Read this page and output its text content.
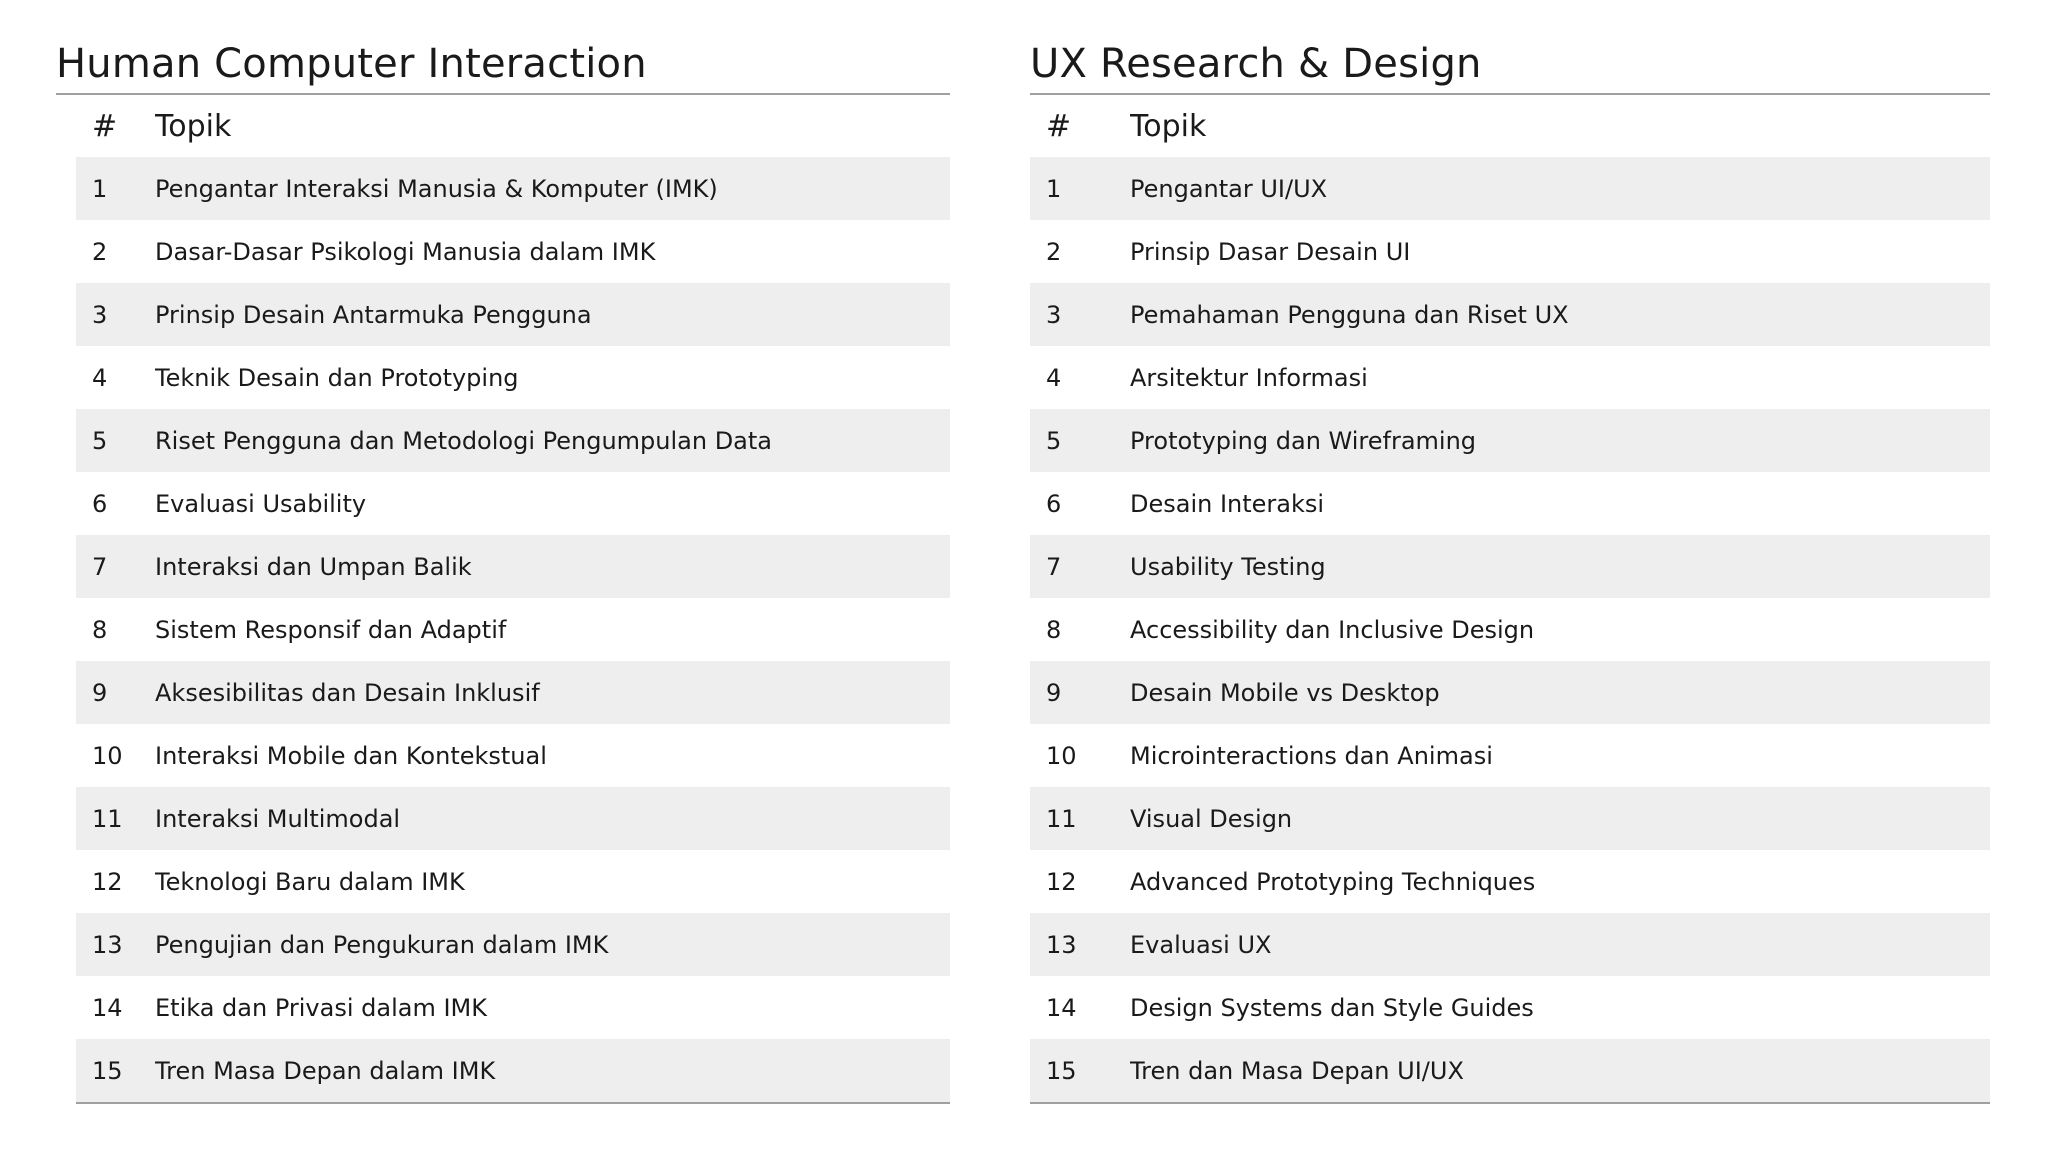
Human Computer Interaction
#	Topik
1	Pengantar Interaksi Manusia & Komputer (IMK)
2	Dasar-Dasar Psikologi Manusia dalam IMK
3	Prinsip Desain Antarmuka Pengguna
4	Teknik Desain dan Prototyping
5	Riset Pengguna dan Metodologi Pengumpulan Data
6	Evaluasi Usability
7	Interaksi dan Umpan Balik
8	Sistem Responsif dan Adaptif
9	Aksesibilitas dan Desain Inklusif
10	Interaksi Mobile dan Kontekstual
11	Interaksi Multimodal
12	Teknologi Baru dalam IMK
13	Pengujian dan Pengukuran dalam IMK
14	Etika dan Privasi dalam IMK
15	Tren Masa Depan dalam IMK
UX Research & Design
#	Topik
1	Pengantar UI/UX
2	Prinsip Dasar Desain UI
3	Pemahaman Pengguna dan Riset UX
4	Arsitektur Informasi
5	Prototyping dan Wireframing
6	Desain Interaksi
7	Usability Testing
8	Accessibility dan Inclusive Design
9	Desain Mobile vs Desktop
10	Microinteractions dan Animasi
11	Visual Design
12	Advanced Prototyping Techniques
13	Evaluasi UX
14	Design Systems dan Style Guides
15	Tren dan Masa Depan UI/UX
